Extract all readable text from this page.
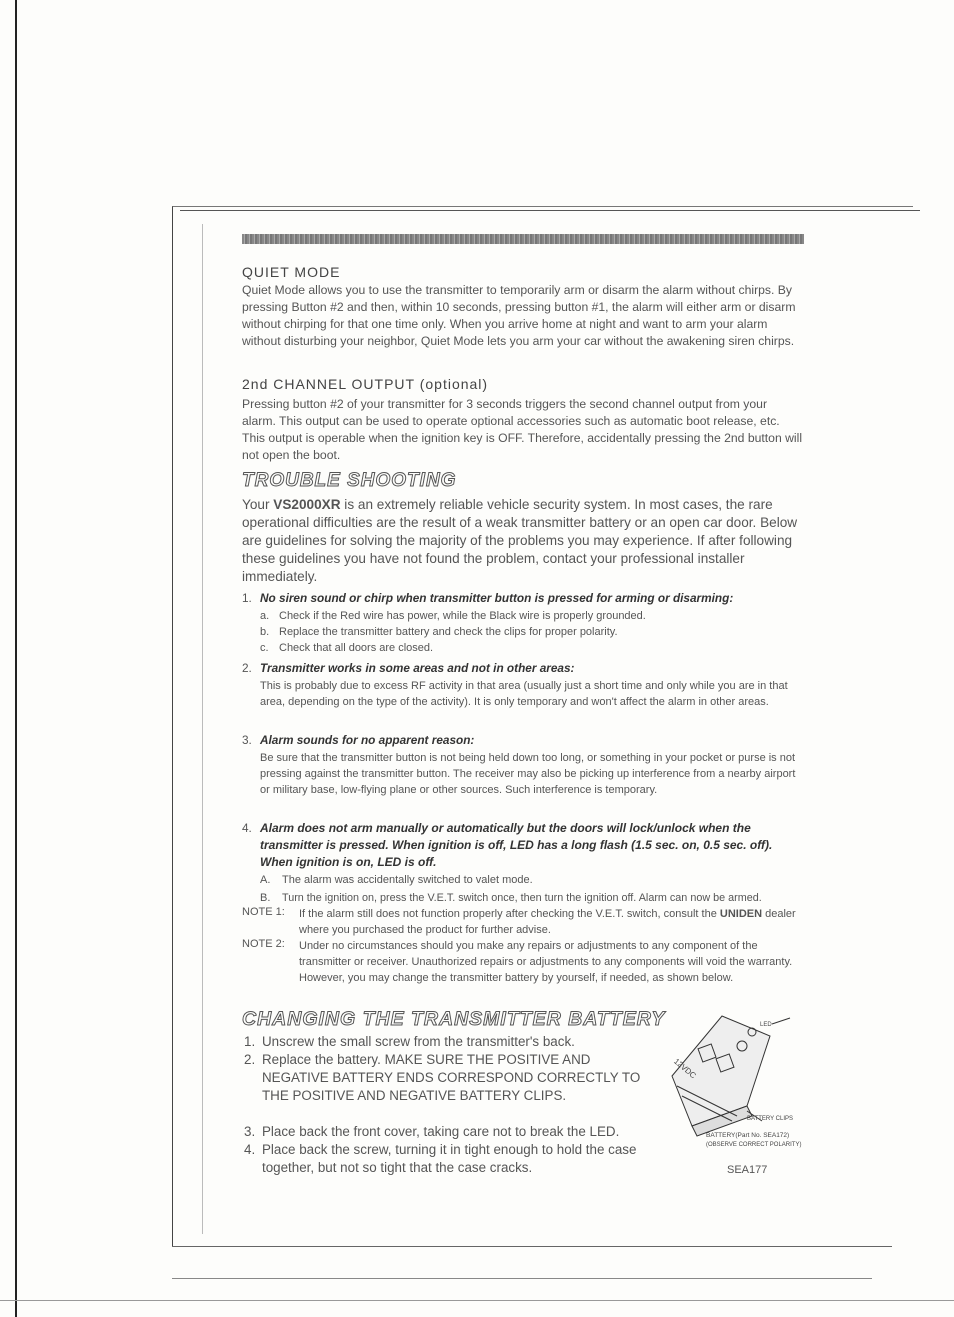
QUIET MODE

Quiet Mode allows you to use the transmitter to temporarily arm or disarm the alarm without chirps. By pressing Button #2 and then, within 10 seconds, pressing button #1, the alarm will either arm or disarm without chirping for that one time only. When you arrive home at night and want to arm your alarm without disturbing your neighbor, Quiet Mode lets you arm your car without the awakening siren chirps.

2nd CHANNEL OUTPUT (optional)

Pressing button #2 of your transmitter for 3 seconds triggers the second channel output from your alarm. This output can be used to operate optional accessories such as automatic boot release, etc. This output is operable when the ignition key is OFF. Therefore, accidentally pressing the 2nd button will not open the boot.

TROUBLE SHOOTING

Your VS2000XR is an extremely reliable vehicle security system. In most cases, the rare operational difficulties are the result of a weak transmitter battery or an open car door. Below are guidelines for solving the majority of the problems you may experience. If after following these guidelines you have not found the problem, contact your professional installer immediately.

1. No siren sound or chirp when transmitter button is pressed for arming or disarming:
a. Check if the Red wire has power, while the Black wire is properly grounded.
b. Replace the transmitter battery and check the clips for proper polarity.
c. Check that all doors are closed.
2. Transmitter works in some areas and not in other areas:
This is probably due to excess RF activity in that area (usually just a short time and only while you are in that area, depending on the type of the activity). It is only temporary and won't affect the alarm in other areas.
3. Alarm sounds for no apparent reason:
Be sure that the transmitter button is not being held down too long, or something in your pocket or purse is not pressing against the transmitter button. The receiver may also be picking up interference from a nearby airport or military base, low-flying plane or other sources. Such interference is temporary.
4. Alarm does not arm manually or automatically but the doors will lock/unlock when the transmitter is pressed. When ignition is off, LED has a long flash (1.5 sec. on, 0.5 sec. off). When ignition is on, LED is off.
A. The alarm was accidentally switched to valet mode.
B. Turn the ignition on, press the V.E.T. switch once, then turn the ignition off. Alarm can now be armed.
NOTE 1: If the alarm still does not function properly after checking the V.E.T. switch, consult the UNIDEN dealer where you purchased the product for further advise.
NOTE 2: Under no circumstances should you make any repairs or adjustments to any component of the transmitter or receiver. Unauthorized repairs or adjustments to any components will void the warranty. However, you may change the transmitter battery by yourself, if needed, as shown below.
CHANGING THE TRANSMITTER BATTERY
1. Unscrew the small screw from the transmitter's back.
2. Replace the battery. MAKE SURE THE POSITIVE AND NEGATIVE BATTERY ENDS CORRESPOND CORRECTLY TO THE POSITIVE AND NEGATIVE BATTERY CLIPS.
3. Place back the front cover, taking care not to break the LED.
4. Place back the screw, turning it in tight enough to hold the case together, but not so tight that the case cracks.
LED
12VDC
BATTERY CLIPS
BATTERY(Part No. SEA172)
(OBSERVE CORRECT POLARITY)
SEA177
